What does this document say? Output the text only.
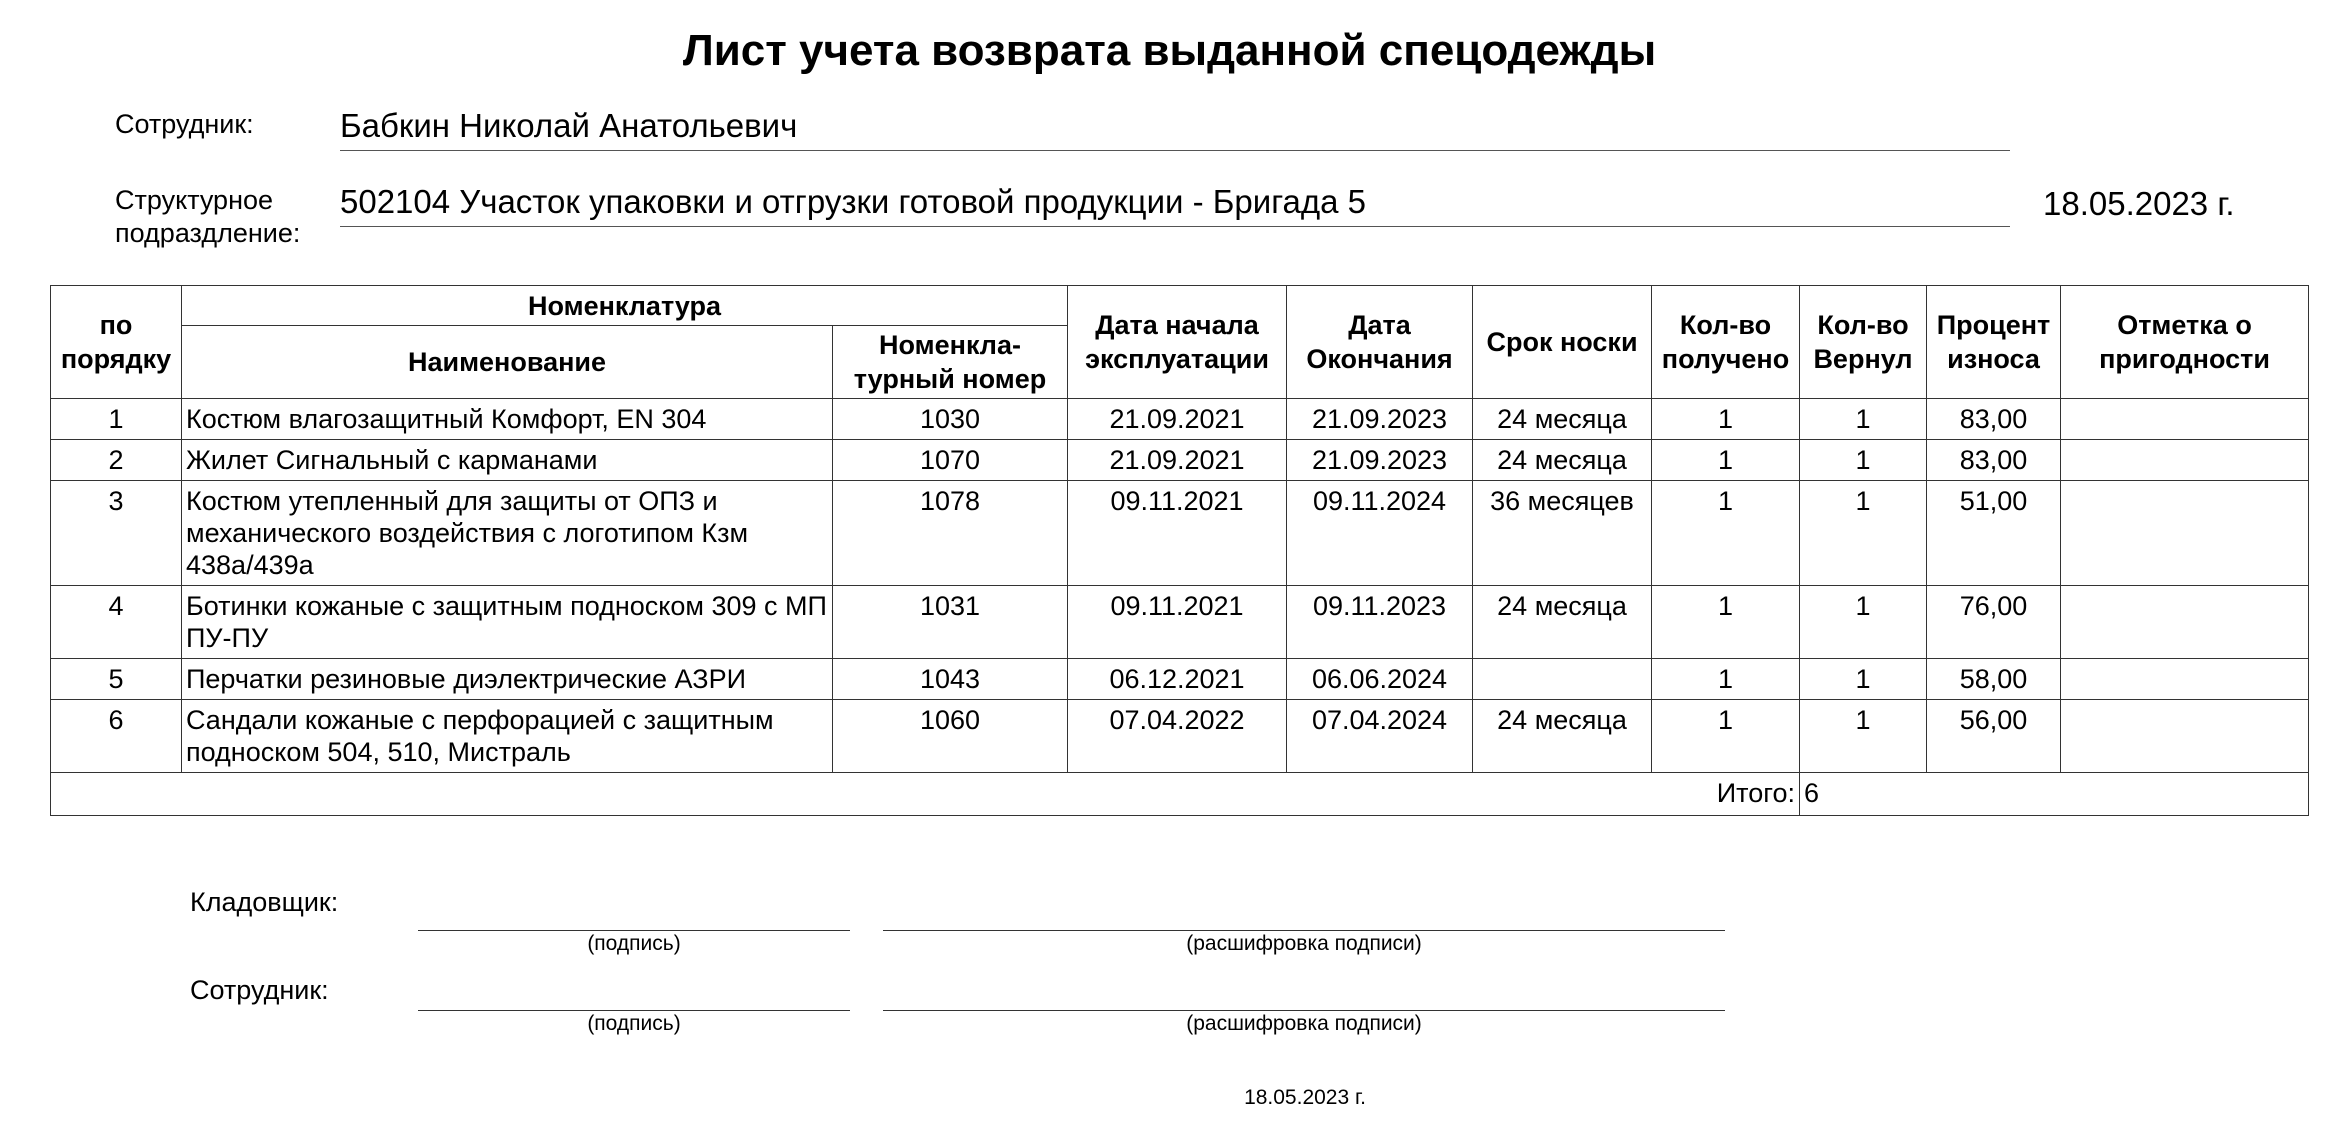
Лист учета возврата выданной спецодежды
Сотрудник:	Бабкин Николай Анатольевич
Структурное
подраздление:
502104 Участок упаковки и отгрузки готовой продукции - Бригада 5	18.05.2023 г.
по порядку	Номенклатура		Дата начала эксплуатации	Дата Окончания	Срок носки	Кол-во получено	Кол-во Вернул	Процент износа	Отметка о пригодности
	Наименование	Номенкла-турный номер							
1	Костюм влагозащитный Комфорт, EN 304	1030	21.09.2021	21.09.2023	24 месяца	1	1	83,00	
2	Жилет Сигнальный с карманами	1070	21.09.2021	21.09.2023	24 месяца	1	1	83,00	
3	Костюм утепленный для защиты от ОПЗ и механического воздействия с логотипом Кзм 438а/439а	1078	09.11.2021	09.11.2024	36 месяцев	1	1	51,00	
4	Ботинки кожаные с защитным подноском 309 с МП ПУ-ПУ	1031	09.11.2021	09.11.2023	24 месяца	1	1	76,00	
5	Перчатки резиновые диэлектрические АЗРИ	1043	06.12.2021	06.06.2024		1	1	58,00	
6	Сандали кожаные с перфорацией с защитным подноском 504, 510, Мистраль	1060	07.04.2022	07.04.2024	24 месяца	1	1	56,00	
Итого:							6		
Кладовщик:
(подпись)	(расшифровка подписи)
Сотрудник:
(подпись)	(расшифровка подписи)
18.05.2023 г.
